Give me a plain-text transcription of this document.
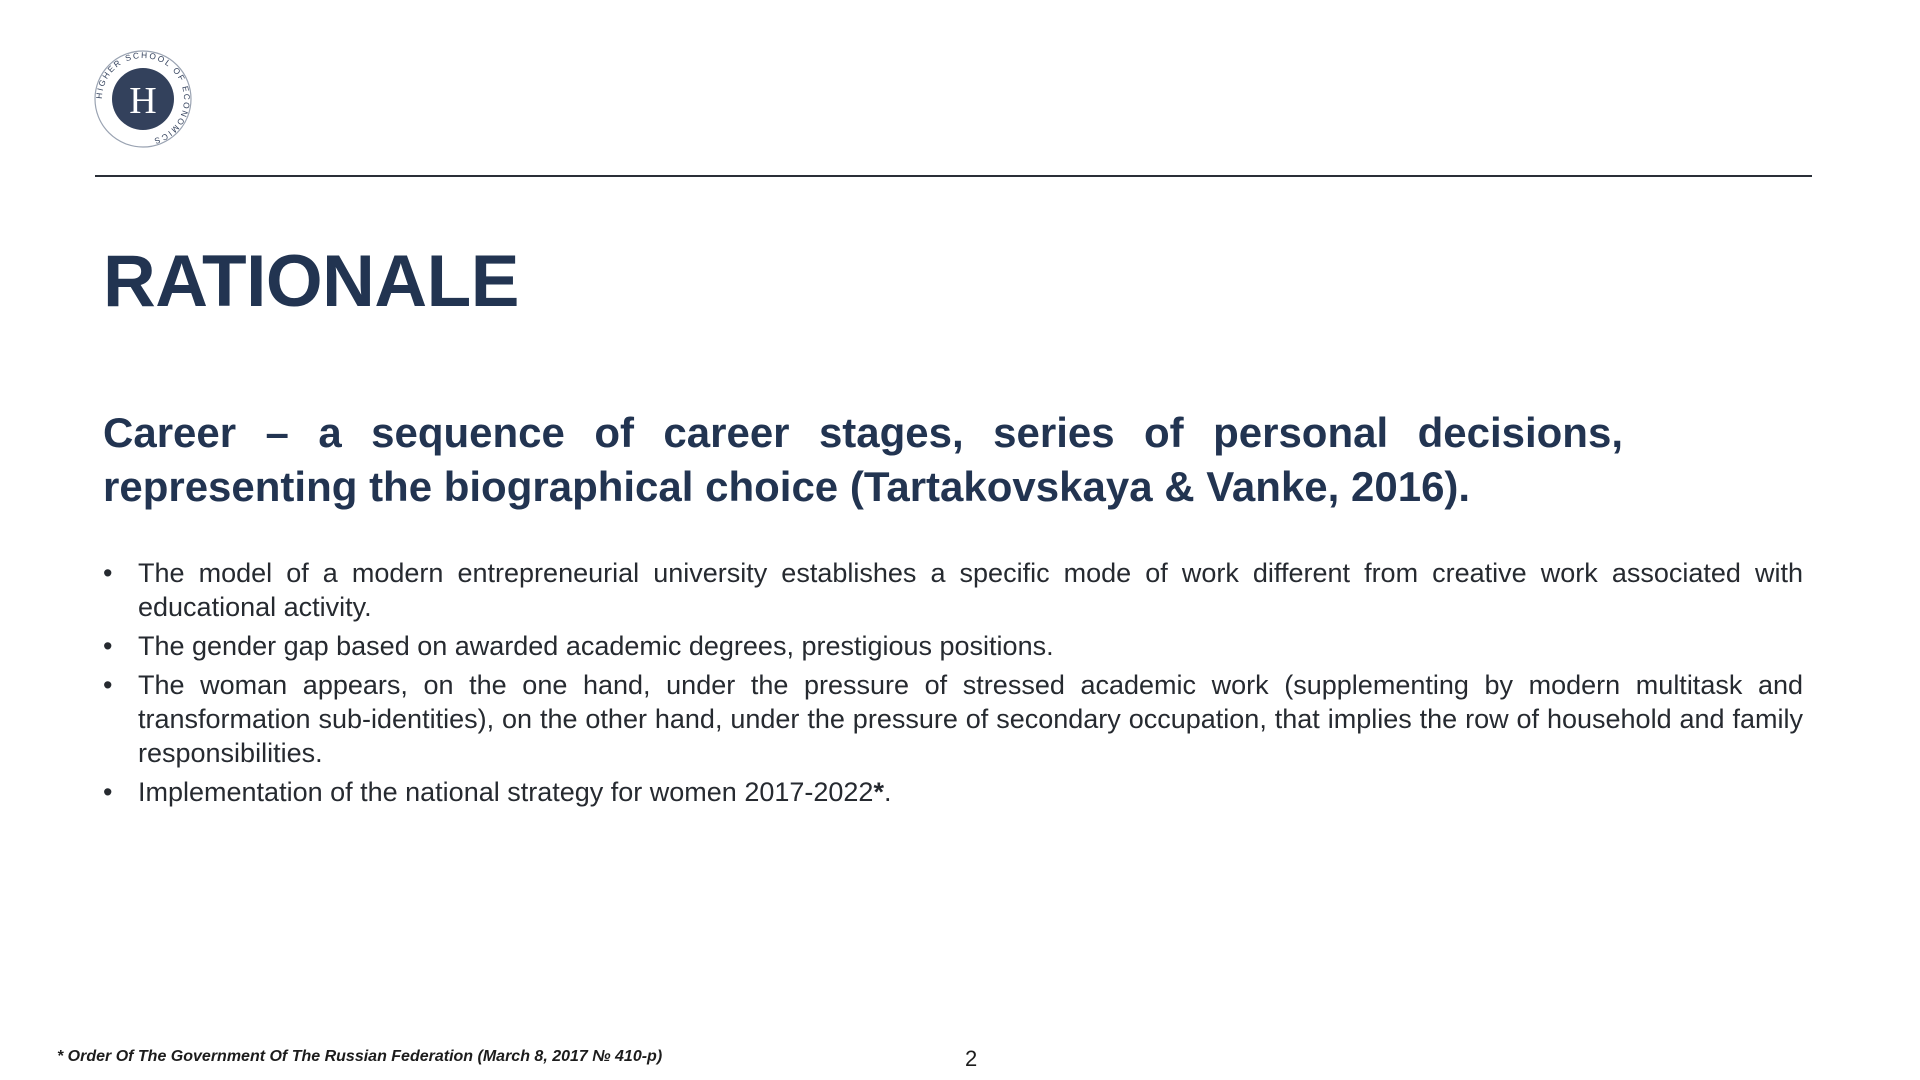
HIGHER SCHOOL OF ECONOMICS
Н
RATIONALE

Career – a sequence of career stages, series of personal decisions, representing the biographical choice (Tartakovskaya & Vanke, 2016).

• The model of a modern entrepreneurial university establishes a specific mode of work different from creative work associated with educational activity.
• The gender gap based on awarded academic degrees, prestigious positions.
• The woman appears, on the one hand, under the pressure of stressed academic work (supplementing by modern multitask and transformation sub-identities), on the other hand, under the pressure of secondary occupation, that implies the row of household and family responsibilities.
• Implementation of the national strategy for women 2017-2022*.

* Order Of The Government Of The Russian Federation (March 8, 2017 № 410-р)	2
